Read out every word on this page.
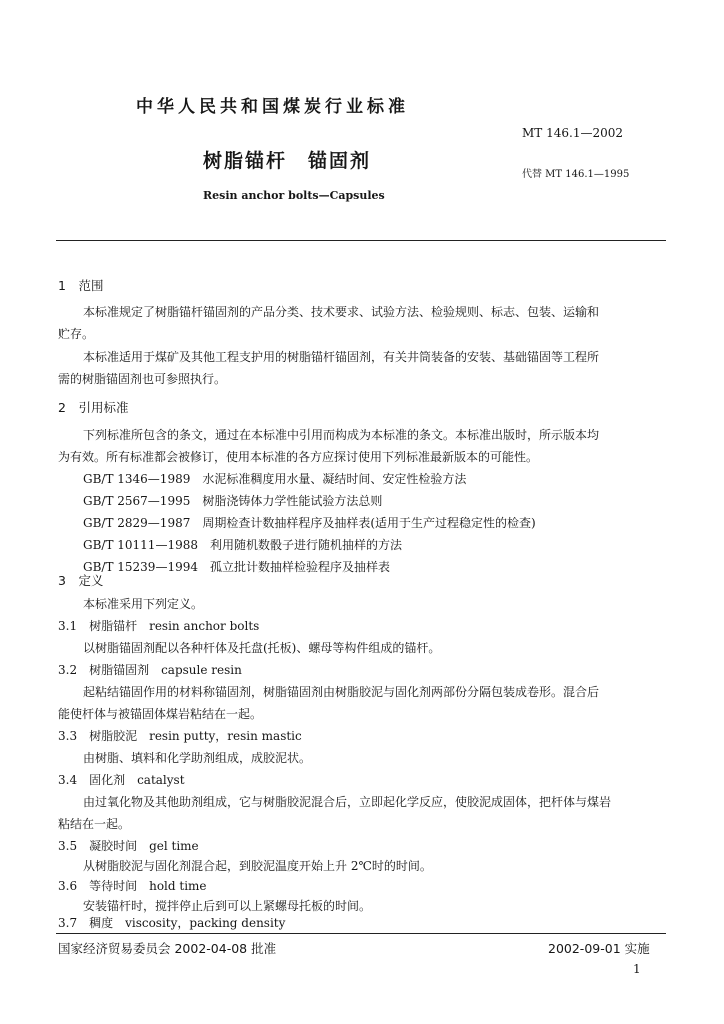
中华人民共和国煤炭行业标准
MT 146.1—2002
树脂锚杆　锚固剂
代替 MT 146.1—1995
Resin anchor bolts—Capsules
1　范围
本标准规定了树脂锚杆锚固剂的产品分类、技术要求、试验方法、检验规则、标志、包装、运输和
贮存。
本标准适用于煤矿及其他工程支护用的树脂锚杆锚固剂，有关井筒装备的安装、基础锚固等工程所
需的树脂锚固剂也可参照执行。
2　引用标准
下列标准所包含的条文，通过在本标准中引用而构成为本标准的条文。本标准出版时，所示版本均
为有效。所有标准都会被修订，使用本标准的各方应探讨使用下列标准最新版本的可能性。
GB/T 1346—1989　水泥标准稠度用水量、凝结时间、安定性检验方法
GB/T 2567—1995　树脂浇铸体力学性能试验方法总则
GB/T 2829—1987　周期检查计数抽样程序及抽样表(适用于生产过程稳定性的检查)
GB/T 10111—1988　利用随机数骰子进行随机抽样的方法
GB/T 15239—1994　孤立批计数抽样检验程序及抽样表
3　定义
本标准采用下列定义。
3.1　树脂锚杆　resin anchor bolts
以树脂锚固剂配以各种杆体及托盘(托板)、螺母等构件组成的锚杆。
3.2　树脂锚固剂　capsule resin
起粘结锚固作用的材料称锚固剂，树脂锚固剂由树脂胶泥与固化剂两部份分隔包装成卷形。混合后
能使杆体与被锚固体煤岩粘结在一起。
3.3　树脂胶泥　resin putty，resin mastic
由树脂、填料和化学助剂组成，成胶泥状。
3.4　固化剂　catalyst
由过氧化物及其他助剂组成，它与树脂胶泥混合后，立即起化学反应，使胶泥成固体，把杆体与煤岩
粘结在一起。
3.5　凝胶时间　gel time
从树脂胶泥与固化剂混合起，到胶泥温度开始上升 2℃时的时间。
3.6　等待时间　hold time
安装锚杆时，搅拌停止后到可以上紧螺母托板的时间。
3.7　稠度　viscosity，packing density
国家经济贸易委员会 2002-04-08 批准	2002-09-01 实施
1
